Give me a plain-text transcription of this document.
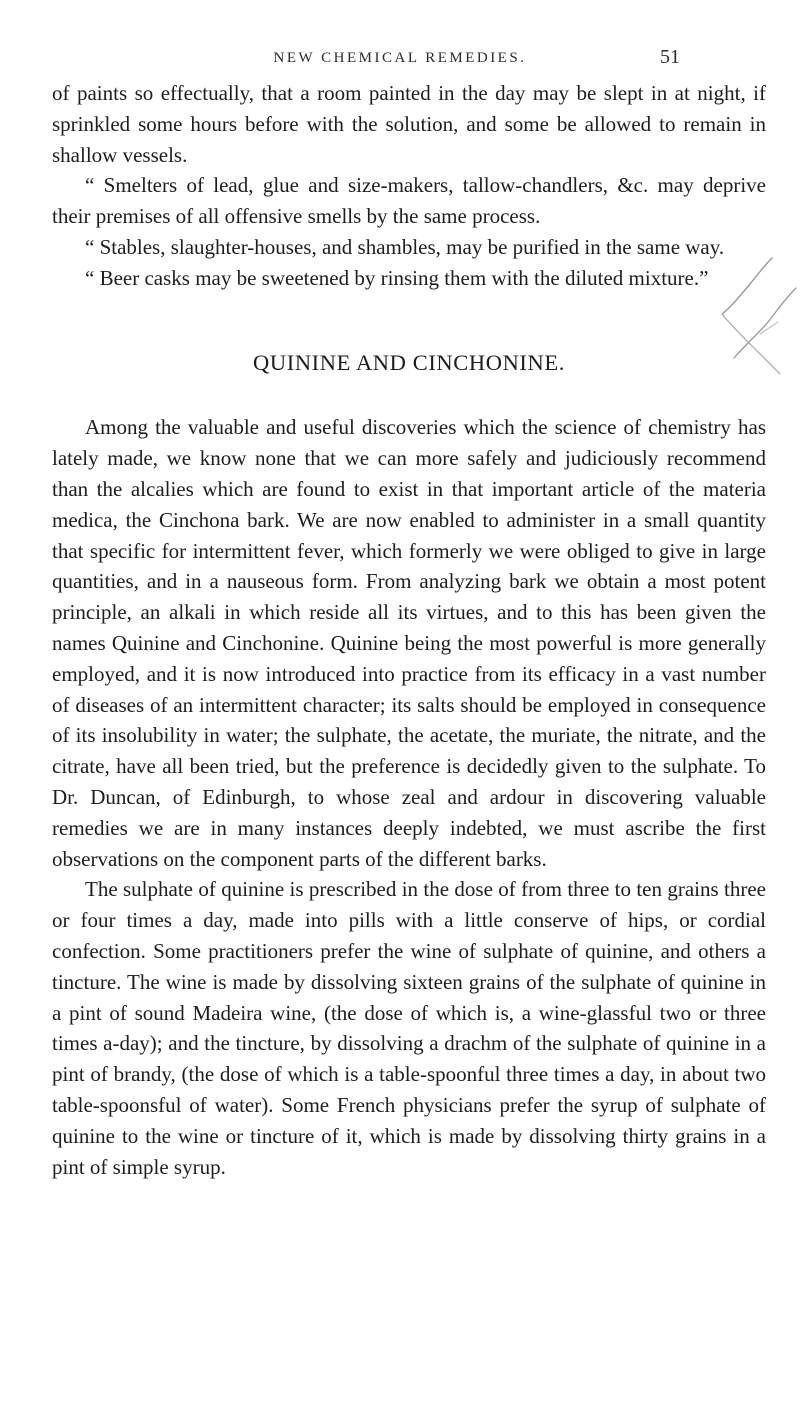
NEW CHEMICAL REMEDIES.	51

of paints so effectually, that a room painted in the day may be slept in at night, if sprinkled some hours before with the solution, and some be allowed to remain in shallow vessels.

“ Smelters of lead, glue and size-makers, tallow-chandlers, &c. may deprive their premises of all offensive smells by the same process.

“ Stables, slaughter-houses, and shambles, may be purified in the same way.

“ Beer casks may be sweetened by rinsing them with the diluted mixture.”

QUININE AND CINCHONINE.

Among the valuable and useful discoveries which the science of chemistry has lately made, we know none that we can more safely and judiciously recommend than the alcalies which are found to exist in that important article of the materia medica, the Cinchona bark. We are now enabled to administer in a small quantity that specific for intermittent fever, which formerly we were obliged to give in large quantities, and in a nauseous form. From analyzing bark we obtain a most potent principle, an alkali in which reside all its virtues, and to this has been given the names Quinine and Cinchonine. Quinine being the most powerful is more generally employed, and it is now introduced into practice from its efficacy in a vast number of diseases of an intermittent character; its salts should be employed in consequence of its insolubility in water; the sulphate, the acetate, the muriate, the nitrate, and the citrate, have all been tried, but the preference is decidedly given to the sulphate. To Dr. Duncan, of Edinburgh, to whose zeal and ardour in discovering valuable remedies we are in many instances deeply indebted, we must ascribe the first observations on the component parts of the different barks.

The sulphate of quinine is prescribed in the dose of from three to ten grains three or four times a day, made into pills with a little conserve of hips, or cordial confection. Some practitioners prefer the wine of sulphate of quinine, and others a tincture. The wine is made by dissolving sixteen grains of the sulphate of quinine in a pint of sound Madeira wine, (the dose of which is, a wine-glassful two or three times a-day); and the tincture, by dissolving a drachm of the sulphate of quinine in a pint of brandy, (the dose of which is a table-spoonful three times a day, in about two table-spoonsful of water). Some French physicians prefer the syrup of sulphate of quinine to the wine or tincture of it, which is made by dissolving thirty grains in a pint of simple syrup.
